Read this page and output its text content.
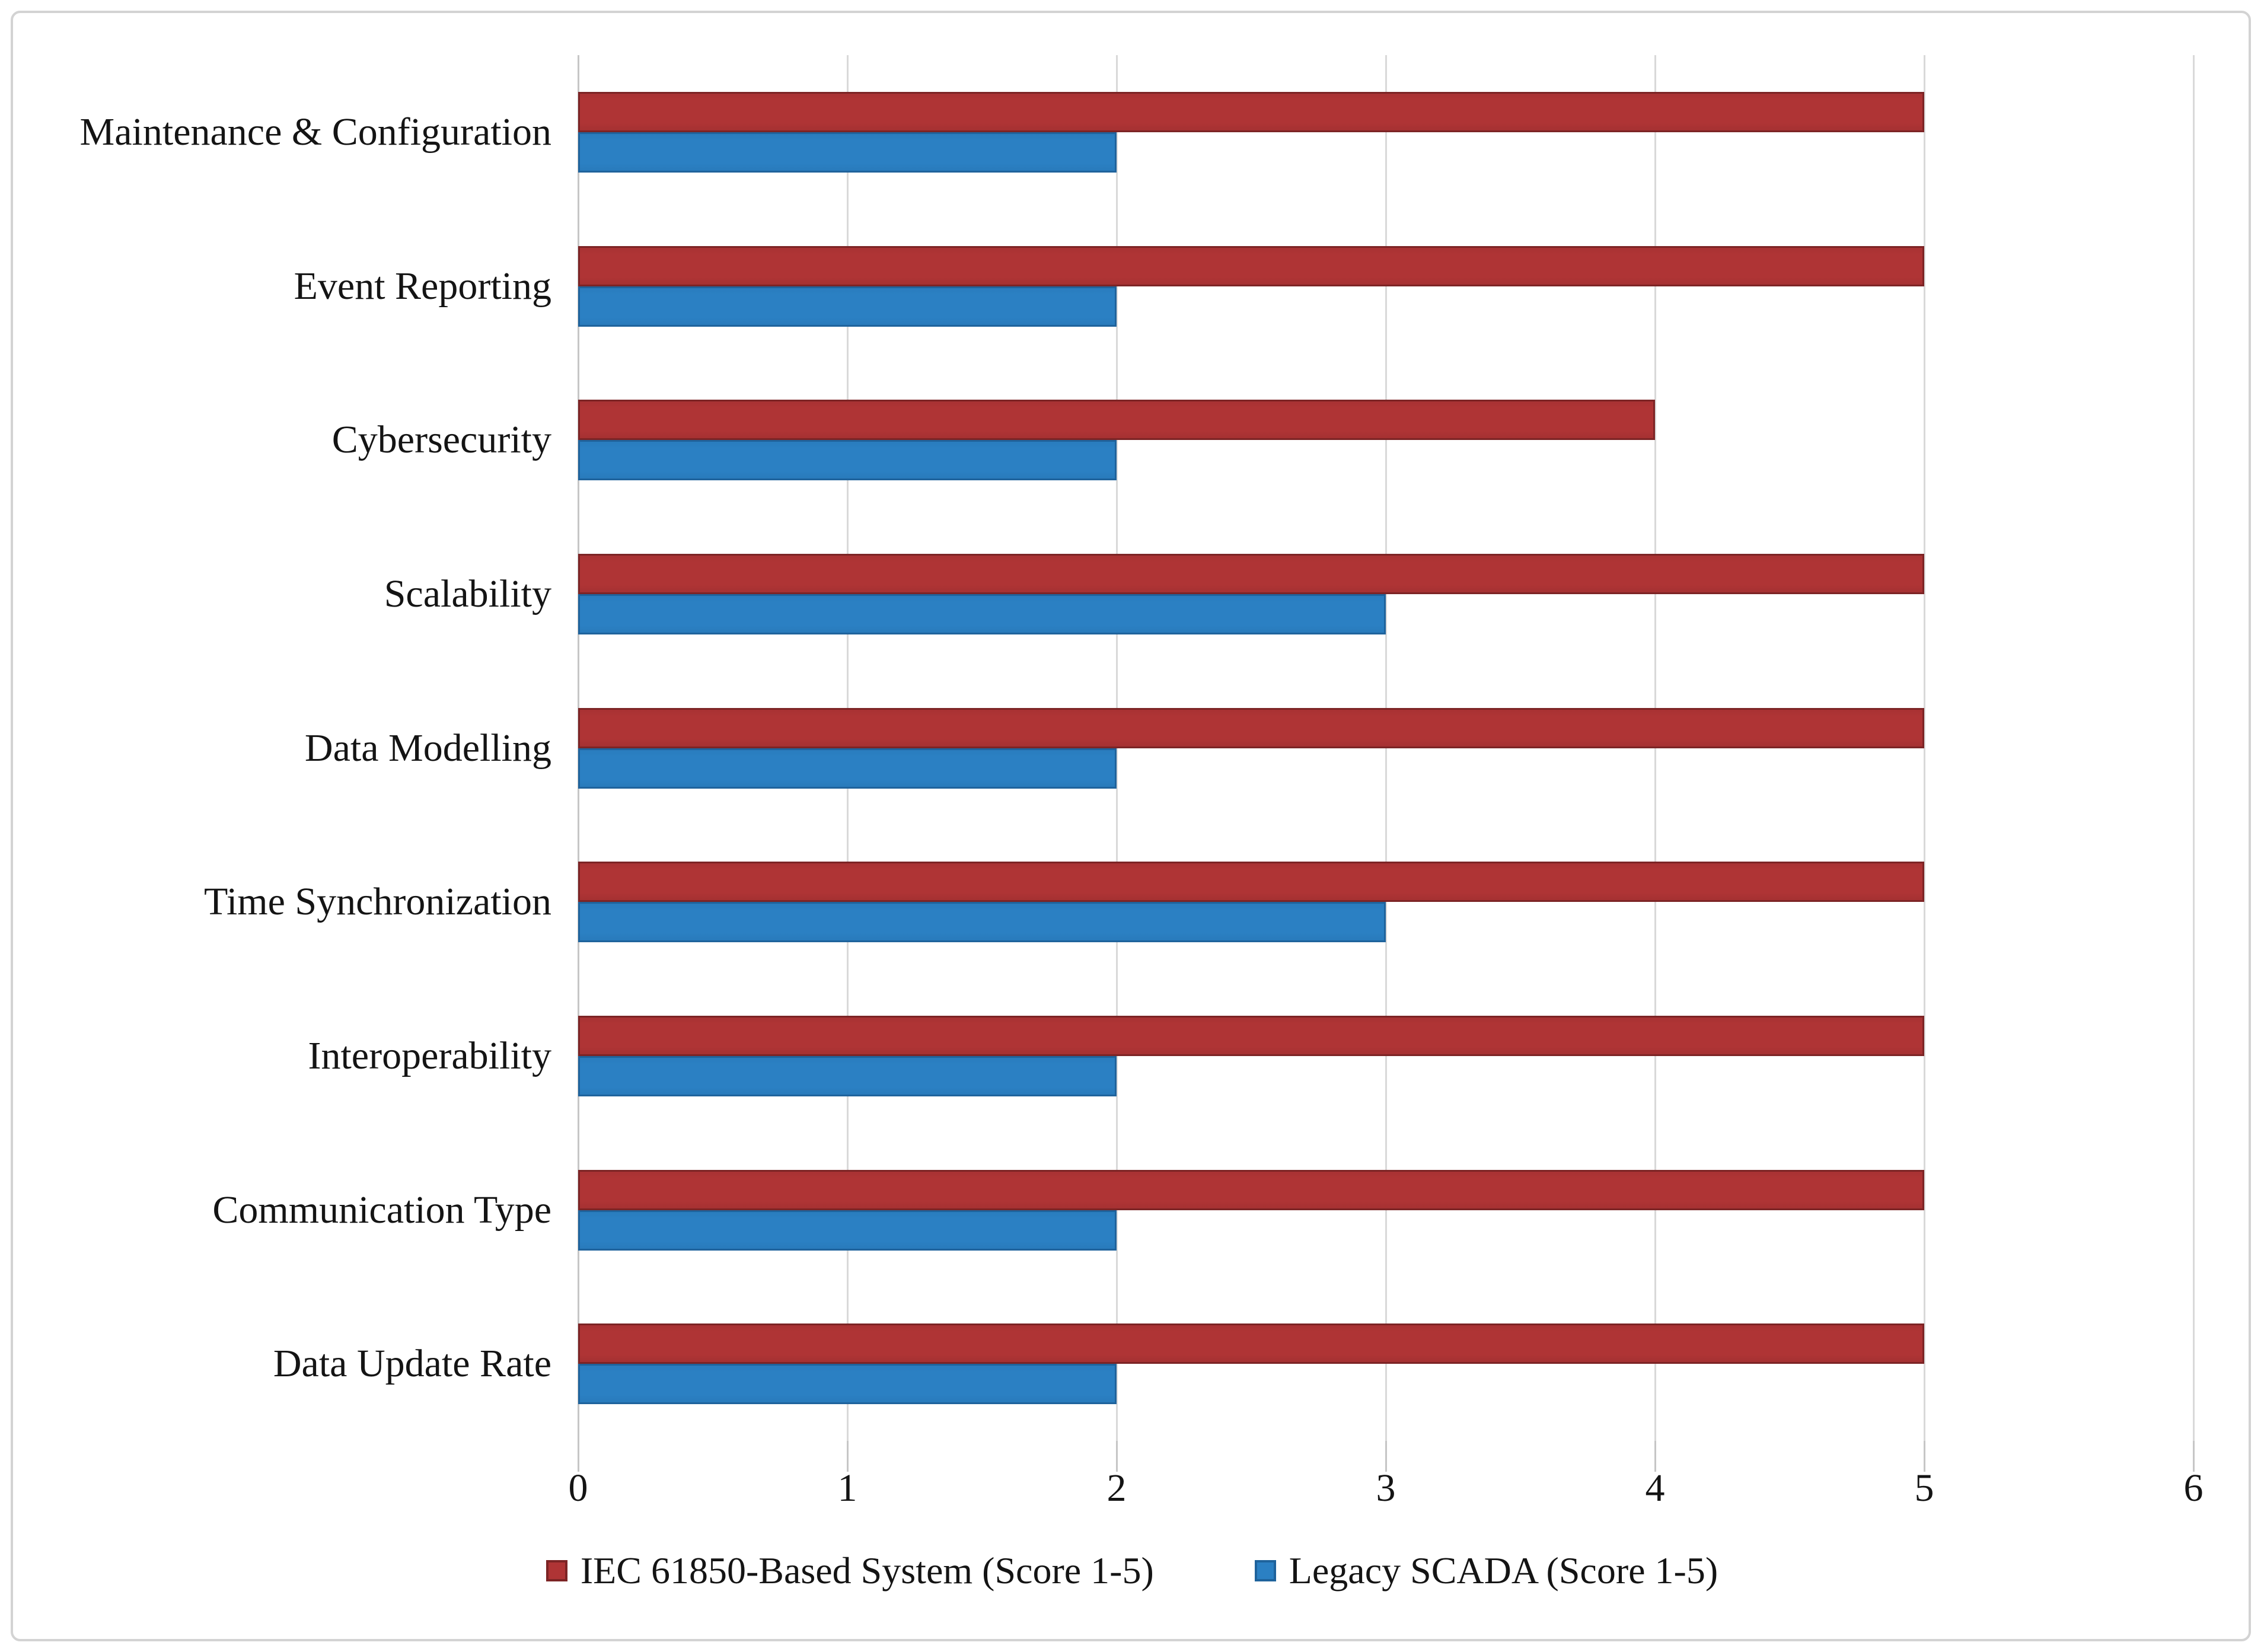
0	1	2	3	4	5	6
Maintenance & Configuration
Event Reporting
Cybersecurity
Scalability
Data Modelling
Time Synchronization
Interoperability
Communication Type
Data Update Rate
IEC 61850-Based System (Score 1-5)	Legacy SCADA (Score 1-5)
